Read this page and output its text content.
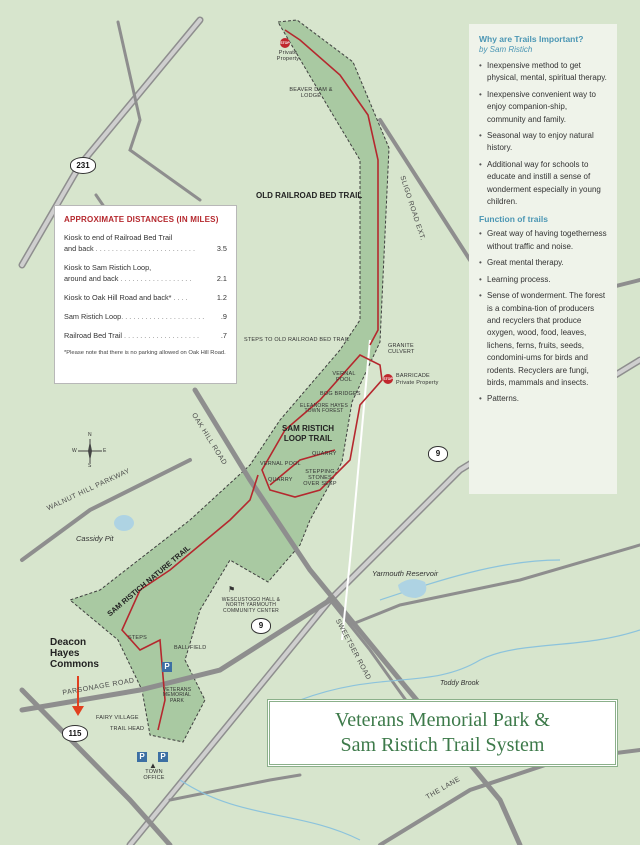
231
9
9
115
STOP
Private Property
STOP BARRICADE
Private Property
BEAVER DAM & LODGE
OLD RAILROAD BED TRAIL	SLIGO ROAD EXT.
STEPS TO OLD RAILROAD BED TRAIL
GRANITE CULVERT
VERNAL POOL
BOG BRIDGES
ELEANORE HAYES TOWN FOREST
SAM RISTICH LOOP TRAIL
QUARRY
STEPPING STONES OVER SEEP
VERNAL POOL
QUARRY
OAK HILL ROAD
WALNUT HILL PARKWAY
Cassidy Pit
SAM RISTICH NATURE TRAIL	⚑
WESCUSTOGO HALL & NORTH YARMOUTH COMMUNITY CENTER
Yarmouth Reservoir
SWEETSER ROAD
STEPS
BALL FIELD
Deacon Hayes Commons
PARSONAGE ROAD	VETERANS MEMORIAL PARK
FAIRY VILLAGE
TRAIL HEAD
TOWN OFFICE
Toddy Brook
THE LANE
P
P P
▲
N
S
E
W
APPROXIMATE DISTANCES (IN MILES)
Kiosk to end of Railroad Bed Trail
and back . . . . . . . . . . . . . . . . . . . . . . . . .	3.5
Kiosk to Sam Ristich Loop,
around and back . . . . . . . . . . . . . . . . . .	2.1
Kiosk to Oak Hill Road and back* . . . .	1.2
Sam Ristich Loop. . . . . . . . . . . . . . . . . . . . .	.9
Railroad Bed Trail . . . . . . . . . . . . . . . . . . .	.7
*Please note that there is no parking allowed on Oak Hill Road.
Why are Trails Important?
by Sam Ristich
• Inexpensive method to get physical, mental, spiritual therapy.
• Inexpensive convenient way to enjoy companion-ship, community and family.
• Seasonal way to enjoy natural history.
• Additional way for schools to educate and instill a sense of wonderment especially in young children.
Function of trails
• Great way of having togetherness without traffic and noise.
• Great mental therapy.
• Learning process.
• Sense of wonderment. The forest is a combina-tion of producers and recyclers that produce oxygen, wood, food, leaves, lichens, ferns, fruits, seeds, condomini-ums for birds and rodents. Recyclers are fungi, birds, mammals and insects.
• Patterns.
Veterans Memorial Park &
Sam Ristich Trail System
